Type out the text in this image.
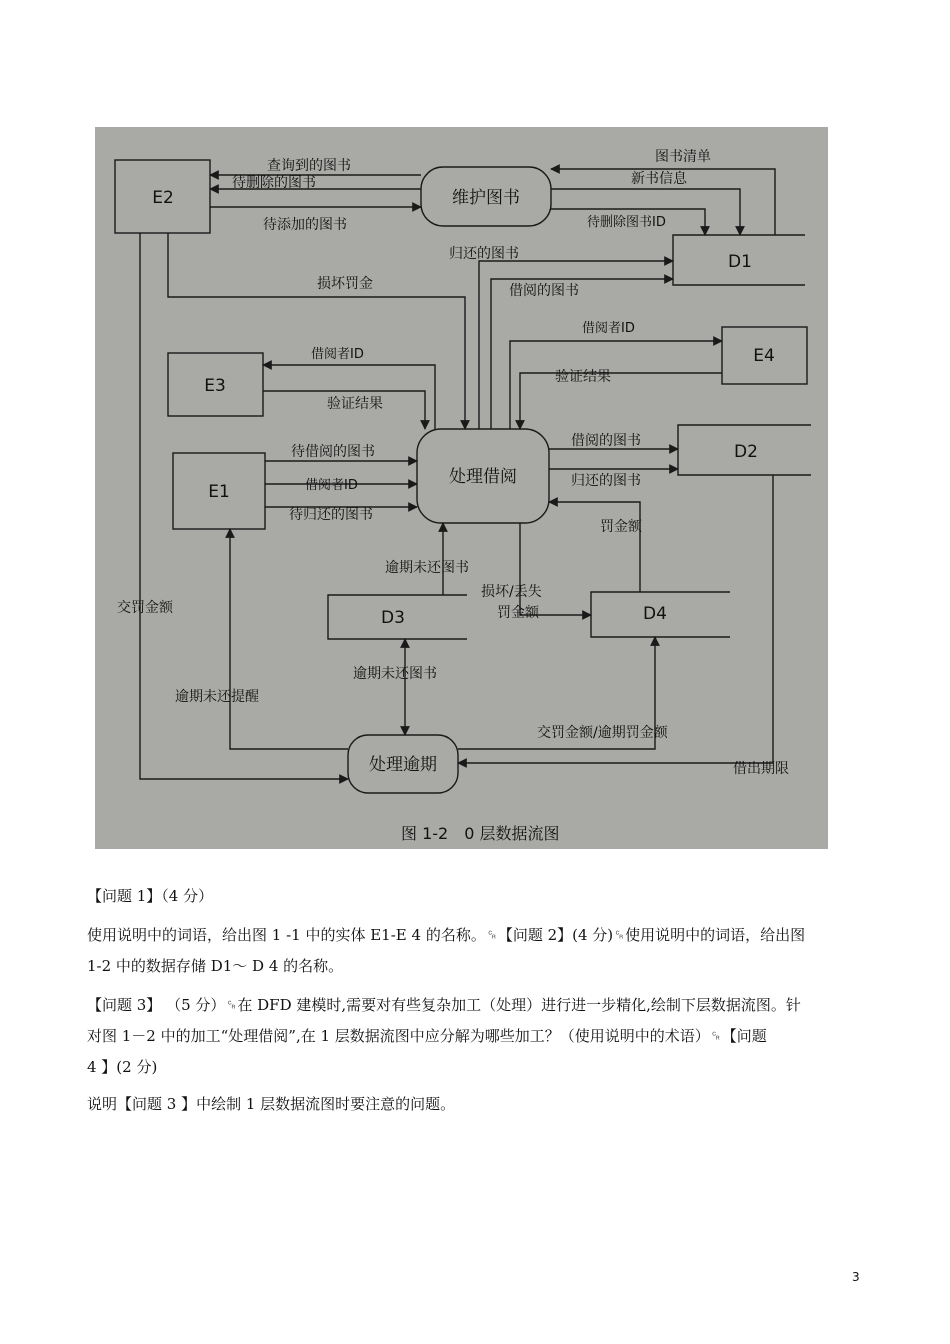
E2
E3
E1
E4
维护图书
处理借阅
处理逾期
D1
D2
D3	D4
查询到的图书
待删除的图书
待添加的图书
图书清单
新书信息
待删除图书ID
归还的图书
损坏罚金	借阅的图书
借阅者ID
借阅者ID
验证结果
验证结果
待借阅的图书
借阅者ID
待归还的图书
借阅的图书
归还的图书
罚金额
逾期未还图书
损坏/丢失
罚金额
交罚金额
逾期未还图书
逾期未还提醒
交罚金额/逾期罚金额
借出期限
图 1-2　0 层数据流图
【问题 1】（4 分）
使用说明中的词语，给出图 1 -1 中的实体 E1-E 4 的名称。␍【问题 2】(4 分)␍使用说明中的词语，给出图
1-2 中的数据存储 D1～ D 4 的名称。
【问题 3】 （5 分）␍在 DFD 建模时,需要对有些复杂加工（处理）进行进一步精化,绘制下层数据流图。针
对图 1－2 中的加工“处理借阅”,在 1 层数据流图中应分解为哪些加工？（使用说明中的术语）␍【问题
4 】(2 分)
说明【问题 3 】中绘制 1 层数据流图时要注意的问题。
3
